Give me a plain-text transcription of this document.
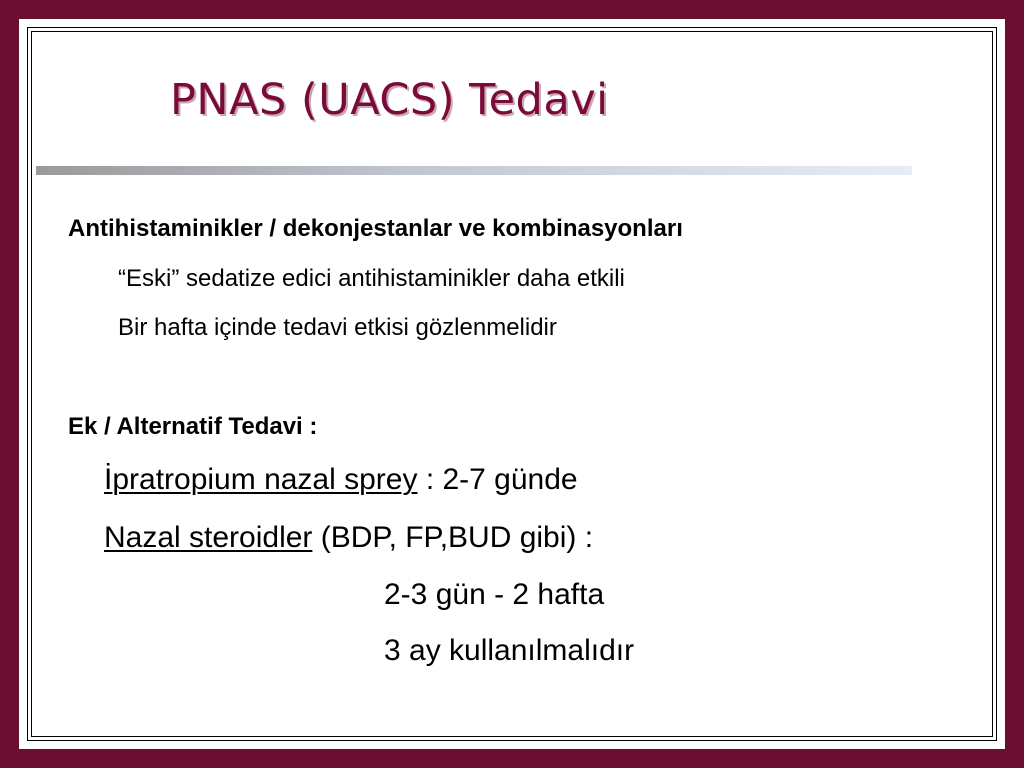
PNAS (UACS) Tedavi

Antihistaminikler / dekonjestanlar ve kombinasyonları

“Eski” sedatize edici antihistaminikler daha etkili

Bir hafta içinde tedavi etkisi gözlenmelidir

Ek / Alternatif Tedavi :

İpratropium nazal sprey : 2-7 günde

Nazal steroidler (BDP, FP,BUD gibi) :

2-3 gün - 2 hafta

3 ay kullanılmalıdır
